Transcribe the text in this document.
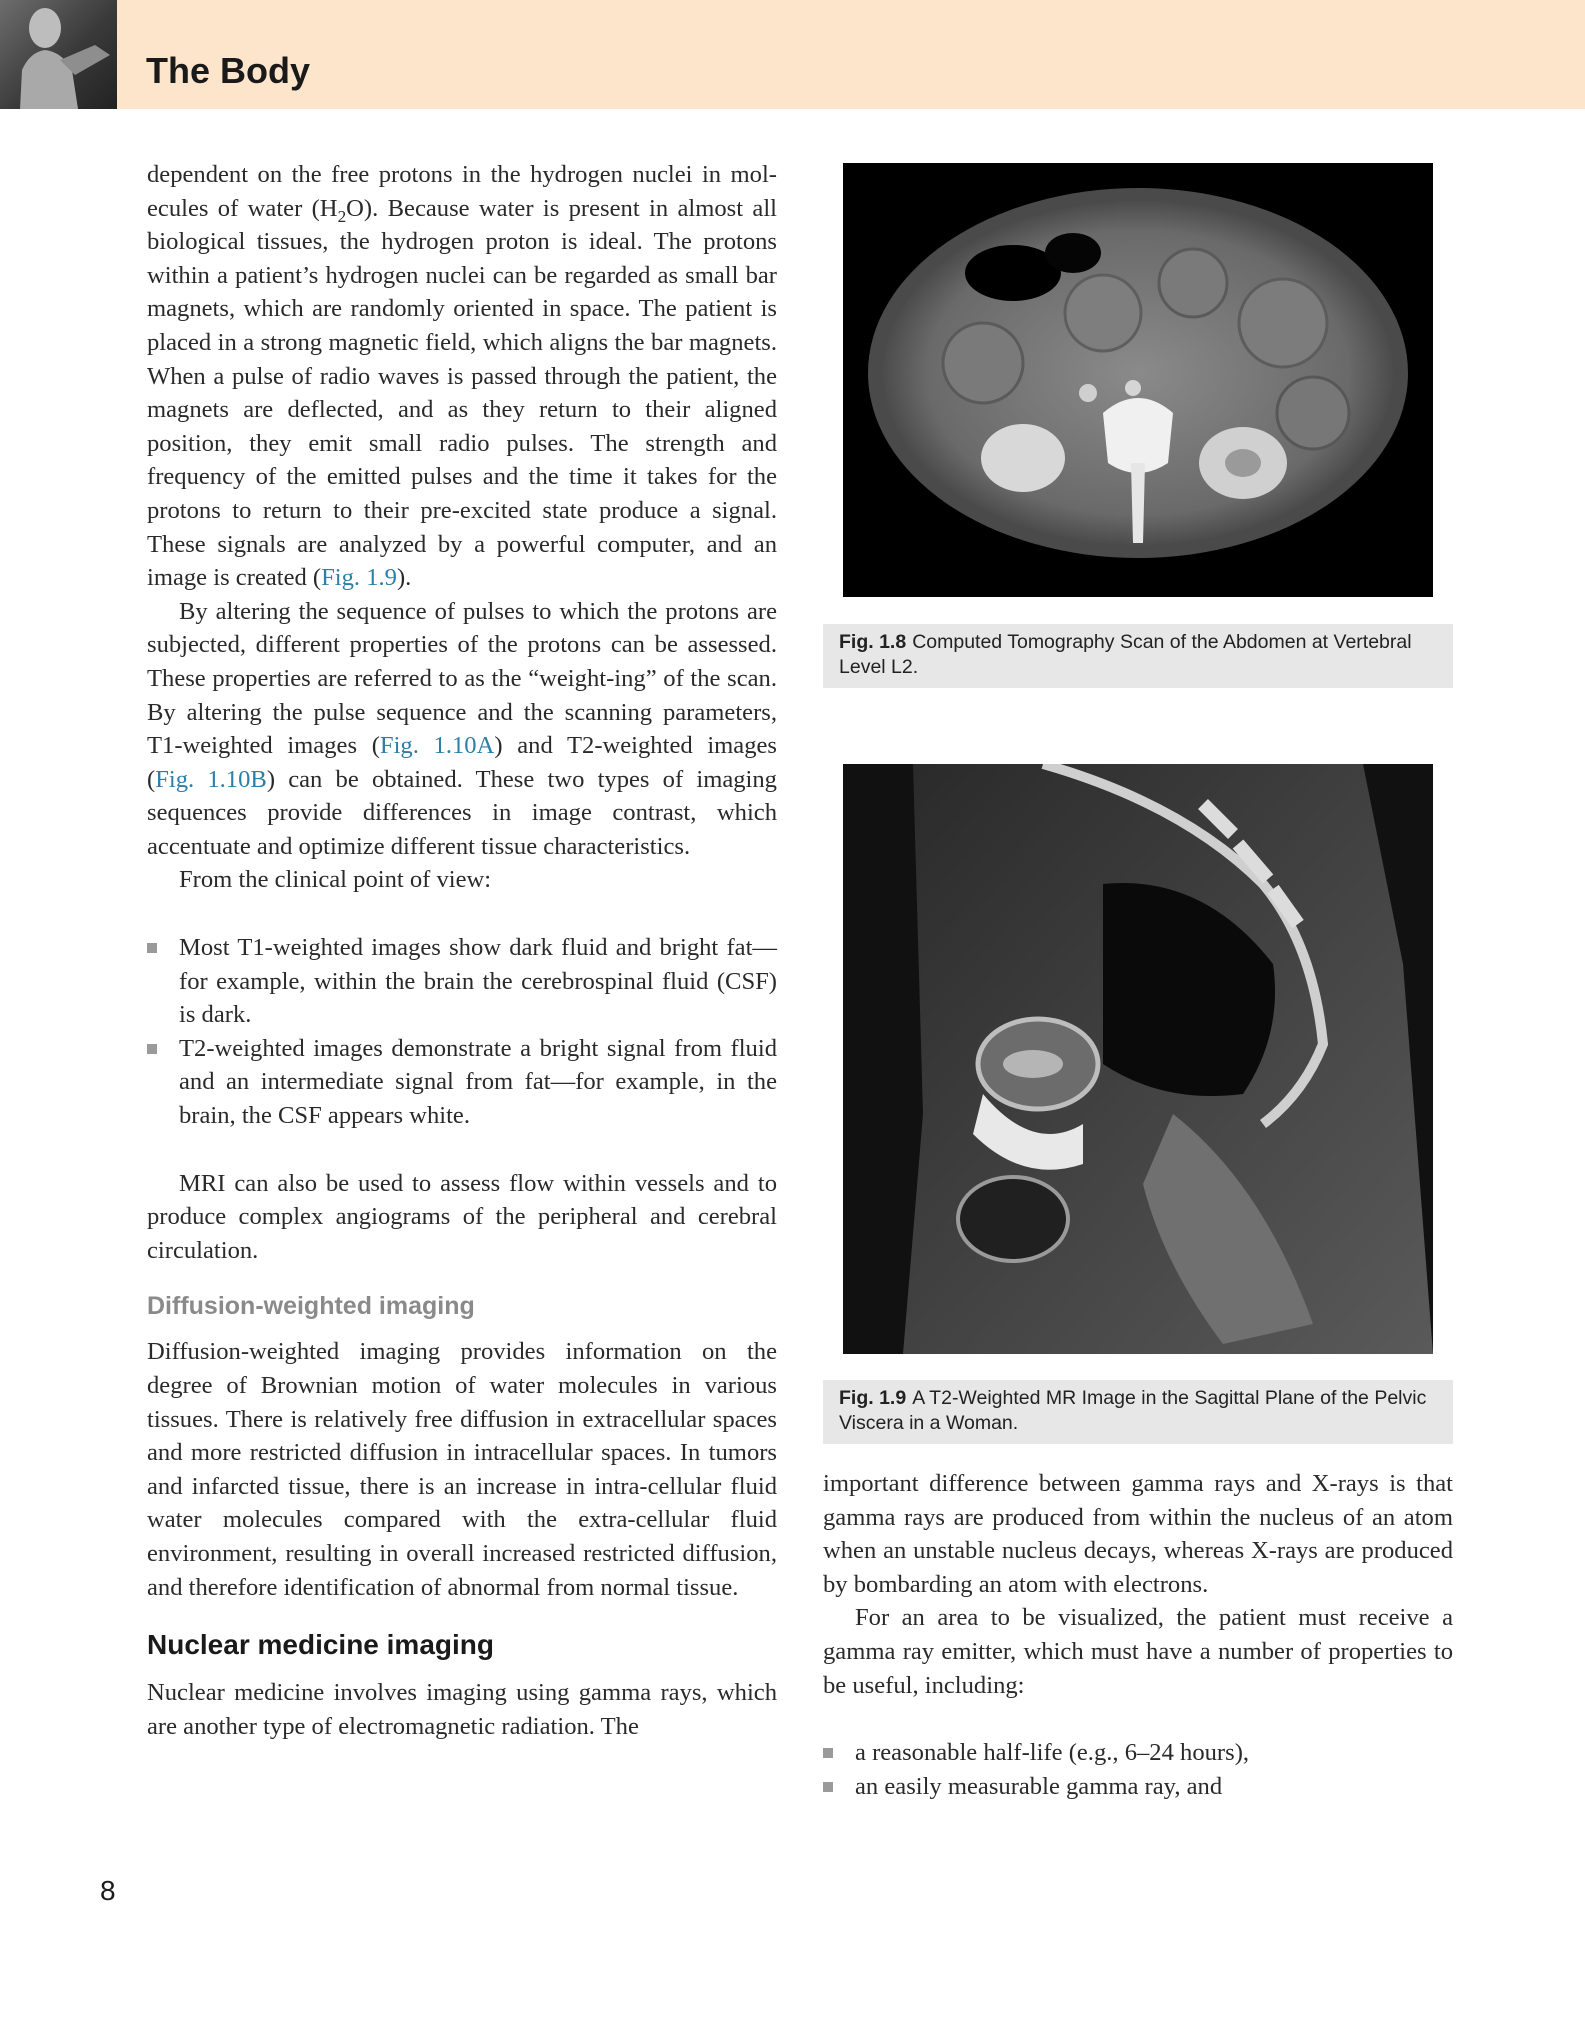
The Body

dependent on the free protons in the hydrogen nuclei in mol-ecules of water $(H_2O)$. Because water is present in almost all biological tissues, the hydrogen proton is ideal. The protons within a patient’s hydrogen nuclei can be regarded as small bar magnets, which are randomly oriented in space. The patient is placed in a strong magnetic field, which aligns the bar magnets. When a pulse of radio waves is passed through the patient, the magnets are deflected, and as they return to their aligned position, they emit small radio pulses. The strength and frequency of the emitted pulses and the time it takes for the protons to return to their pre-excited state produce a signal. These signals are analyzed by a powerful computer, and an image is created (Fig. 1.9).

By altering the sequence of pulses to which the protons are subjected, different properties of the protons can be assessed. These properties are referred to as the “weight-ing” of the scan. By altering the pulse sequence and the scanning parameters, T1-weighted images (Fig. 1.10A) and T2-weighted images (Fig. 1.10B) can be obtained. These two types of imaging sequences provide differences in image contrast, which accentuate and optimize different tissue characteristics.

From the clinical point of view:

Most T1-weighted images show dark fluid and bright fat—for example, within the brain the cerebrospinal fluid (CSF) is dark.
T2-weighted images demonstrate a bright signal from fluid and an intermediate signal from fat—for example, in the brain, the CSF appears white.

MRI can also be used to assess flow within vessels and to produce complex angiograms of the peripheral and cerebral circulation.

Diffusion-weighted imaging

Diffusion-weighted imaging provides information on the degree of Brownian motion of water molecules in various tissues. There is relatively free diffusion in extracellular spaces and more restricted diffusion in intracellular spaces. In tumors and infarcted tissue, there is an increase in intra-cellular fluid water molecules compared with the extra-cellular fluid environment, resulting in overall increased restricted diffusion, and therefore identification of abnormal from normal tissue.

Nuclear medicine imaging

Nuclear medicine involves imaging using gamma rays, which are another type of electromagnetic radiation. The

Fig. 1.8 Computed Tomography Scan of the Abdomen at Vertebral Level L2.
Fig. 1.9 A T2-Weighted MR Image in the Sagittal Plane of the Pelvic Viscera in a Woman.

important difference between gamma rays and X-rays is that gamma rays are produced from within the nucleus of an atom when an unstable nucleus decays, whereas X-rays are produced by bombarding an atom with electrons.

For an area to be visualized, the patient must receive a gamma ray emitter, which must have a number of properties to be useful, including:

a reasonable half-life (e.g., 6–24 hours),
an easily measurable gamma ray, and
8
